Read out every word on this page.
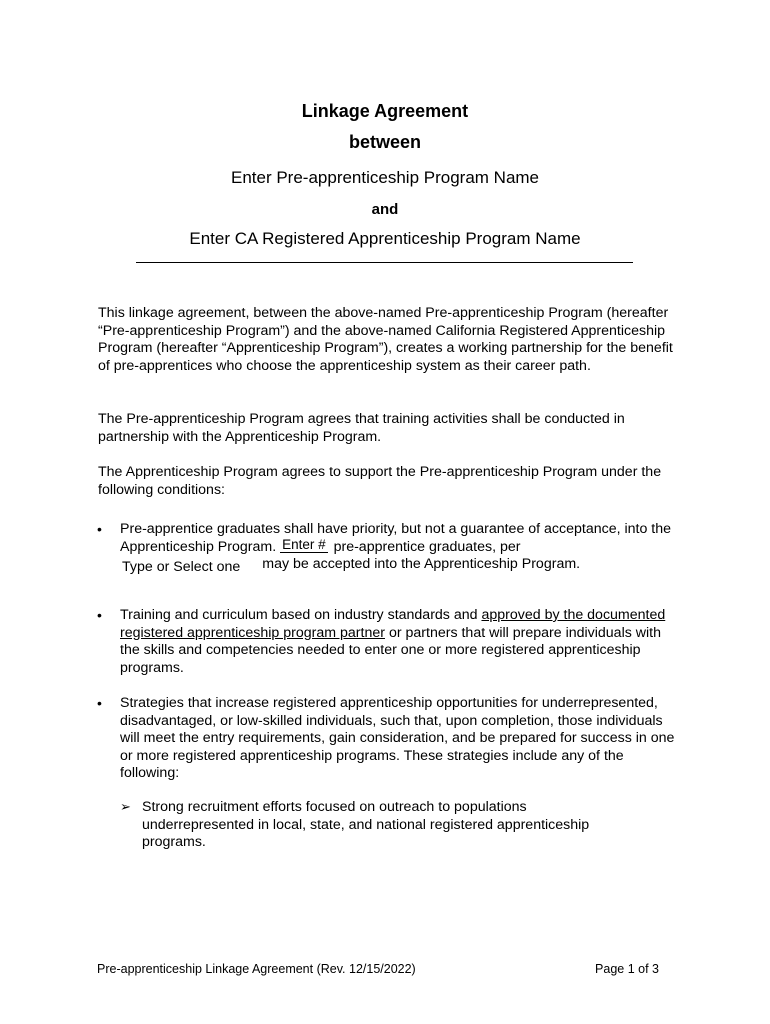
Linkage Agreement
between
Enter Pre-apprenticeship Program Name
and
Enter CA Registered Apprenticeship Program Name
This linkage agreement, between the above-named Pre-apprenticeship Program (hereafter “Pre-apprenticeship Program”) and the above-named California Registered Apprenticeship Program (hereafter “Apprenticeship Program”), creates a working partnership for the benefit of pre-apprentices who choose the apprenticeship system as their career path.
The Pre-apprenticeship Program agrees that training activities shall be conducted in partnership with the Apprenticeship Program.
The Apprenticeship Program agrees to support the Pre-apprenticeship Program under the following conditions:
• Pre-apprentice graduates shall have priority, but not a guarantee of acceptance, into the Apprenticeship Program. Enter # pre-apprentice graduates, per
Type or Select one may be accepted into the Apprenticeship Program.
• Training and curriculum based on industry standards and approved by the documented registered apprenticeship program partner or partners that will prepare individuals with the skills and competencies needed to enter one or more registered apprenticeship programs.
• Strategies that increase registered apprenticeship opportunities for underrepresented, disadvantaged, or low-skilled individuals, such that, upon completion, those individuals will meet the entry requirements, gain consideration, and be prepared for success in one or more registered apprenticeship programs. These strategies include any of the following:
➢ Strong recruitment efforts focused on outreach to populations underrepresented in local, state, and national registered apprenticeship programs.
Pre-apprenticeship Linkage Agreement (Rev. 12/15/2022)	Page 1 of 3
